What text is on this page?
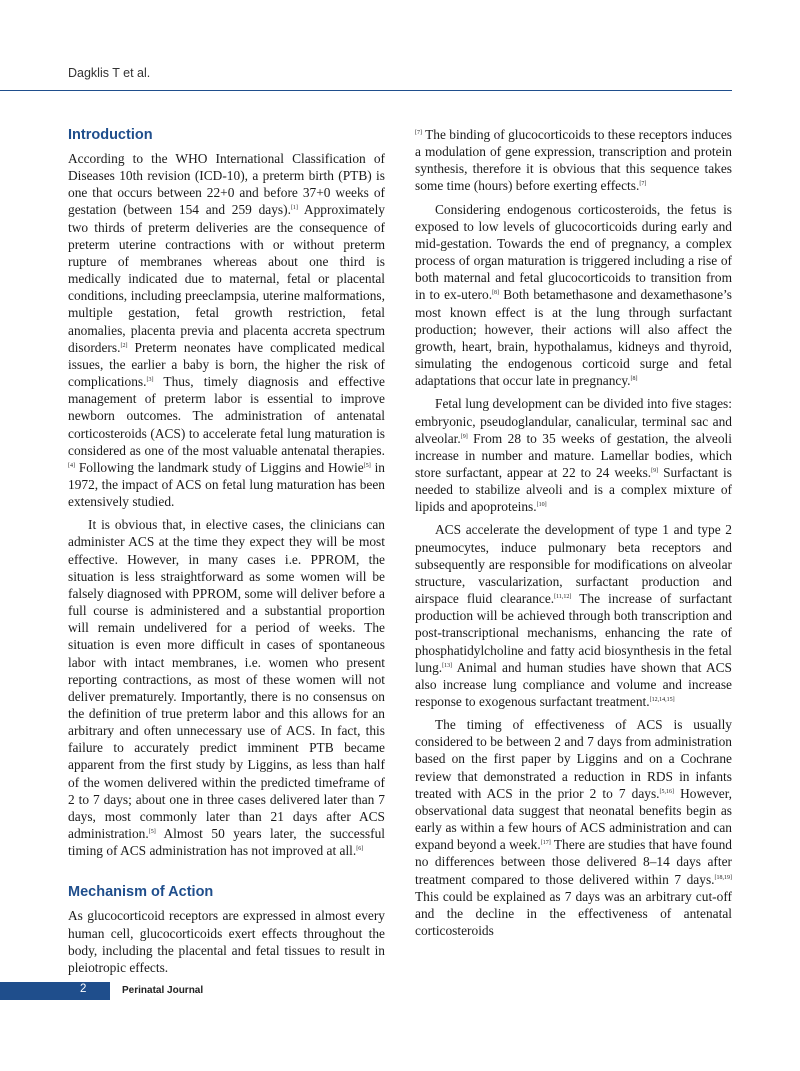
Dagklis T et al.
Introduction

According to the WHO International Classification of Diseases 10th revision (ICD-10), a preterm birth (PTB) is one that occurs between 22+0 and before 37+0 weeks of gestation (between 154 and 259 days).[1] Approximately two thirds of preterm deliveries are the consequence of preterm uterine contractions with or without preterm rupture of membranes whereas about one third is medically indicated due to maternal, fetal or placental conditions, including preeclampsia, uterine malformations, multiple gestation, fetal growth restriction, fetal anomalies, placenta previa and placenta accreta spectrum disorders.[2] Preterm neonates have complicated medical issues, the earlier a baby is born, the higher the risk of complications.[3] Thus, timely diagnosis and effective management of preterm labor is essential to improve newborn outcomes. The administration of antenatal corticosteroids (ACS) to accelerate fetal lung maturation is considered as one of the most valuable antenatal therapies.[4] Following the landmark study of Liggins and Howie[5] in 1972, the impact of ACS on fetal lung maturation has been extensively studied.

It is obvious that, in elective cases, the clinicians can administer ACS at the time they expect they will be most effective. However, in many cases i.e. PPROM, the situation is less straightforward as some women will be falsely diagnosed with PPROM, some will deliver before a full course is administered and a substantial proportion will remain undelivered for a period of weeks. The situation is even more difficult in cases of spontaneous labor with intact membranes, i.e. women who present reporting contractions, as most of these women will not deliver prematurely. Importantly, there is no consensus on the definition of true preterm labor and this allows for an arbitrary and often unnecessary use of ACS. In fact, this failure to accurately predict imminent PTB became apparent from the first study by Liggins, as less than half of the women delivered within the predicted timeframe of 2 to 7 days; about one in three cases delivered later than 7 days, most commonly later than 21 days after ACS administration.[5] Almost 50 years later, the successful timing of ACS administration has not improved at all.[6]

Mechanism of Action

As glucocorticoid receptors are expressed in almost every human cell, glucocorticoids exert effects throughout the body, including the placental and fetal tissues to result in pleiotropic effects.

[7] The binding of glucocorticoids to these receptors induces a modulation of gene expression, transcription and protein synthesis, therefore it is obvious that this sequence takes some time (hours) before exerting effects.[7]

Considering endogenous corticosteroids, the fetus is exposed to low levels of glucocorticoids during early and mid-gestation. Towards the end of pregnancy, a complex process of organ maturation is triggered including a rise of both maternal and fetal glucocorticoids to transition from in to ex-utero.[8] Both betamethasone and dexamethasone’s most known effect is at the lung through surfactant production; however, their actions will also affect the growth, heart, brain, hypothalamus, kidneys and thyroid, simulating the endogenous corticoid surge and fetal adaptations that occur late in pregnancy.[8]

Fetal lung development can be divided into five stages: embryonic, pseudoglandular, canalicular, terminal sac and alveolar.[9] From 28 to 35 weeks of gestation, the alveoli increase in number and mature. Lamellar bodies, which store surfactant, appear at 22 to 24 weeks.[9] Surfactant is needed to stabilize alveoli and is a complex mixture of lipids and apoproteins.[10]

ACS accelerate the development of type 1 and type 2 pneumocytes, induce pulmonary beta receptors and subsequently are responsible for modifications on alveolar structure, vascularization, surfactant production and airspace fluid clearance.[11,12] The increase of surfactant production will be achieved through both transcription and post-transcriptional mechanisms, enhancing the rate of phosphatidylcholine and fatty acid biosynthesis in the fetal lung.[13] Animal and human studies have shown that ACS also increase lung compliance and volume and increase response to exogenous surfactant treatment.[12,14,15]

The timing of effectiveness of ACS is usually considered to be between 2 and 7 days from administration based on the first paper by Liggins and on a Cochrane review that demonstrated a reduction in RDS in infants treated with ACS in the prior 2 to 7 days.[5,16] However, observational data suggest that neonatal benefits begin as early as within a few hours of ACS administration and can expand beyond a week.[17] There are studies that have found no differences between those delivered 8–14 days after treatment compared to those delivered within 7 days.[18,19] This could be explained as 7 days was an arbitrary cut-off and the decline in the effectiveness of antenatal corticosteroids

2	Perinatal Journal
